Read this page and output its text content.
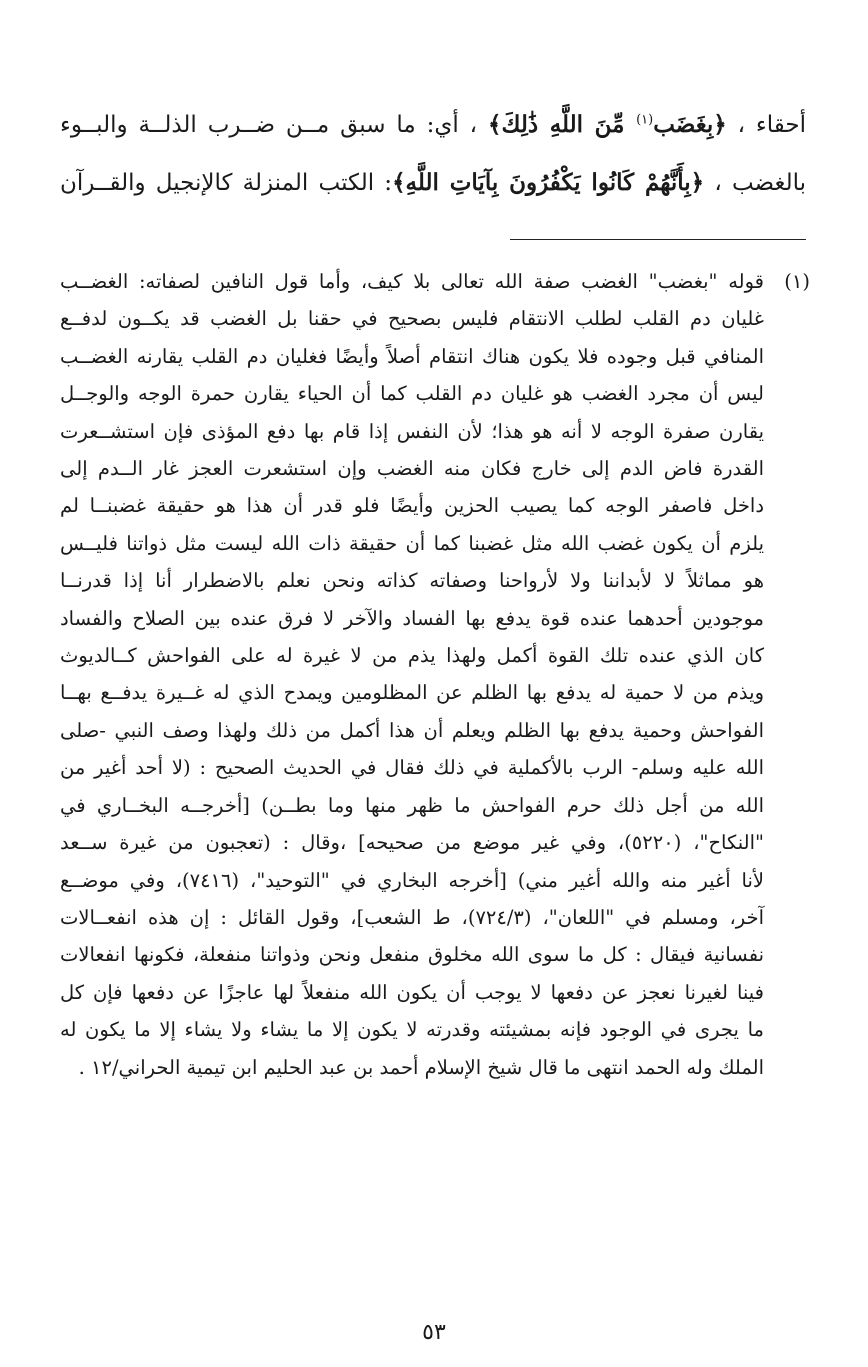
أحقاء ، ﴿بِغَضَب$^{(١)}$ مِّنَ اللَّهِ ذَٰلِكَ﴾ ، أي: ما سبق مــن ضــرب الذلــة والبــوء
بالغضب ، ﴿بِأَنَّهُمْ كَانُوا يَكْفُرُونَ بِآيَاتِ اللَّهِ﴾: الكتب المنزلة كالإنجيل والقــرآن
(١)
قوله "بغضب" الغضب صفة الله تعالى بلا كيف، وأما قول النافين لصفاته: الغضــب
غليان دم القلب لطلب الانتقام فليس بصحيح في حقنا بل الغضب قد يكــون لدفــع
المنافي قبل وجوده فلا يكون هناك انتقام أصلاً وأيضًا فغليان دم القلب يقارنه الغضــب
ليس أن مجرد الغضب هو غليان دم القلب كما أن الحياء يقارن حمرة الوجه والوجــل
يقارن صفرة الوجه لا أنه هو هذا؛ لأن النفس إذا قام بها دفع المؤذى فإن استشــعرت
القدرة فاض الدم إلى خارج فكان منه الغضب وإن استشعرت العجز غار الــدم إلى
داخل فاصفر الوجه كما يصيب الحزين وأيضًا فلو قدر أن هذا هو حقيقة غضبنــا لم
يلزم أن يكون غضب الله مثل غضبنا كما أن حقيقة ذات الله ليست مثل ذواتنا فليــس
هو مماثلاً لا لأبداننا ولا لأرواحنا وصفاته كذاته ونحن نعلم بالاضطرار أنا إذا قدرنــا
موجودين أحدهما عنده قوة يدفع بها الفساد والآخر لا فرق عنده بين الصلاح والفساد
كان الذي عنده تلك القوة أكمل ولهذا يذم من لا غيرة له على الفواحش كــالديوث
ويذم من لا حمية له يدفع بها الظلم عن المظلومين ويمدح الذي له غــيرة يدفــع بهــا
الفواحش وحمية يدفع بها الظلم ويعلم أن هذا أكمل من ذلك ولهذا وصف النبي -صلى
الله عليه وسلم- الرب بالأكملية في ذلك فقال في الحديث الصحيح : (لا أحد أغير من
الله من أجل ذلك حرم الفواحش ما ظهر منها وما بطــن) [أخرجــه البخــاري في
"النكاح"، (٥٢٢٠)، وفي غير موضع من صحيحه] ،وقال : (تعجبون من غيرة ســعد
لأنا أغير منه والله أغير مني) [أخرجه البخاري في "التوحيد"، (٧٤١٦)، وفي موضــع
آخر، ومسلم في "اللعان"، (٧٢٤/٣)، ط الشعب]، وقول القائل : إن هذه انفعــالات
نفسانية فيقال : كل ما سوى الله مخلوق منفعل ونحن وذواتنا منفعلة، فكونها انفعالات
فينا لغيرنا نعجز عن دفعها لا يوجب أن يكون الله منفعلاً لها عاجزًا عن دفعها فإن كل
ما يجرى في الوجود فإنه بمشيئته وقدرته لا يكون إلا ما يشاء ولا يشاء إلا ما يكون له
الملك وله الحمد انتهى ما قال شيخ الإسلام أحمد بن عبد الحليم ابن تيمية الحراني/١٢ .
٥٣
